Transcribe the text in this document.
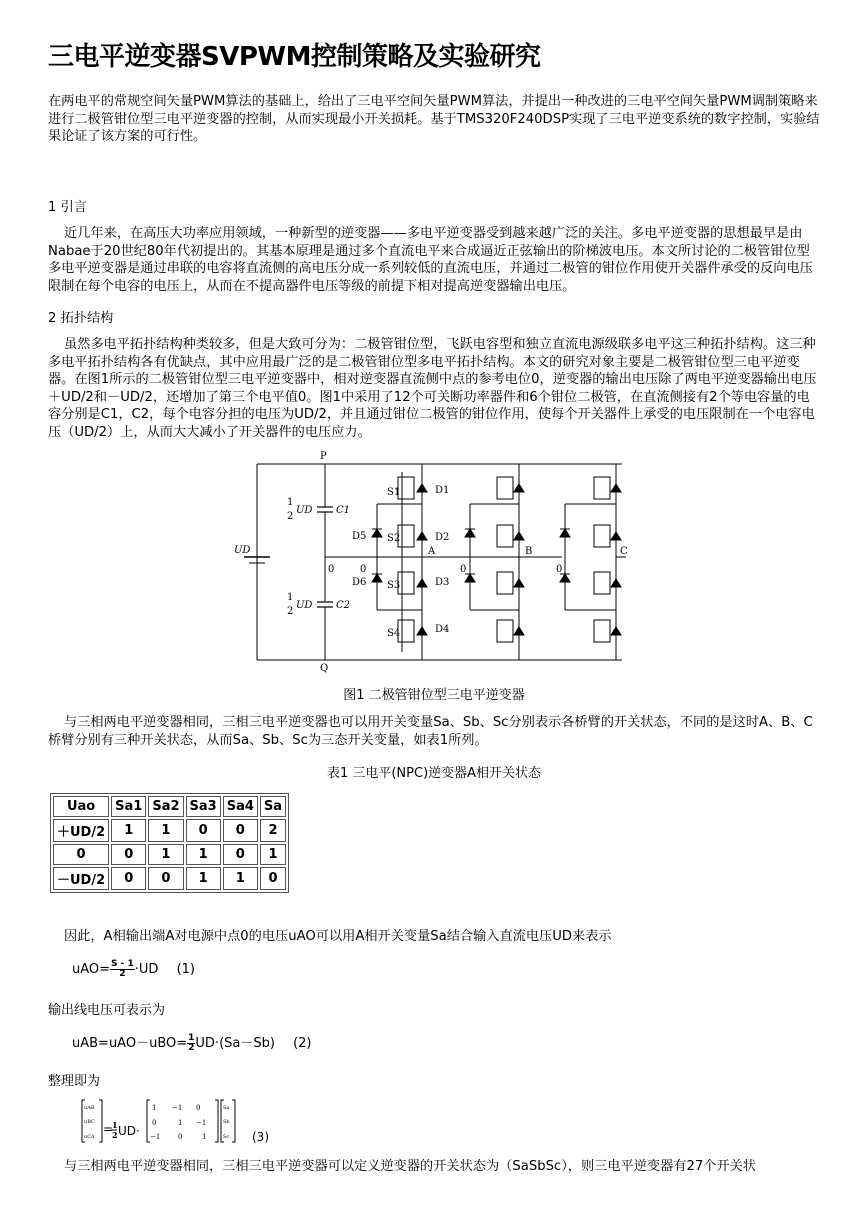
三电平逆变器SVPWM控制策略及实验研究

在两电平的常规空间矢量PWM算法的基础上，给出了三电平空间矢量PWM算法，并提出一种改进的三电平空间矢量PWM调制策略来进行二极管钳位型三电平逆变器的控制，从而实现最小开关损耗。基于TMS320F240DSP实现了三电平逆变系统的数字控制，实验结果论证了该方案的可行性。

1 引言

近几年来，在高压大功率应用领域，一种新型的逆变器——多电平逆变器受到越来越广泛的关注。多电平逆变器的思想最早是由Nabae于20世纪80年代初提出的。其基本原理是通过多个直流电平来合成逼近正弦输出的阶梯波电压。本文所讨论的二极管钳位型多电平逆变器是通过串联的电容将直流侧的高电压分成一系列较低的直流电压，并通过二极管的钳位作用使开关器件承受的反向电压限制在每个电容的电压上，从而在不提高器件电压等级的前提下相对提高逆变器输出电压。

2 拓扑结构

虽然多电平拓扑结构种类较多，但是大致可分为：二极管钳位型，飞跃电容型和独立直流电源级联多电平这三种拓扑结构。这三种多电平拓扑结构各有优缺点，其中应用最广泛的是二极管钳位型多电平拓扑结构。本文的研究对象主要是二极管钳位型三电平逆变器。在图1所示的二极管钳位型三电平逆变器中，相对逆变器直流侧中点的参考电位0，逆变器的输出电压除了两电平逆变器输出电压＋UD/2和－UD/2，还增加了第三个电平值0。图1中采用了12个可关断功率器件和6个钳位二极管，在直流侧接有2个等电容量的电容分别是C1，C2，每个电容分担的电压为UD/2，并且通过钳位二极管的钳位作用，使每个开关器件上承受的电压限制在一个电容电压（UD/2）上，从而大大减小了开关器件的电压应力。

P
Q
UD
1
2
UD
1
2
UD
C1
C2
0	0	0	0
S1
S2
S3
S4
D1
D2
D3
D4
D5
D6
A	B	C
图1 二极管钳位型三电平逆变器

与三相两电平逆变器相同，三相三电平逆变器也可以用开关变量Sa、Sb、Sc分别表示各桥臂的开关状态，不同的是这时A、B、C桥臂分别有三种开关状态，从而Sa、Sb、Sc为三态开关变量，如表1所列。

表1 三电平(NPC)逆变器A相开关状态
Uao	Sa1	Sa2	Sa3	Sa4	Sa
＋UD/2	1	1	0	0	2
0	0	1	1	0	1
－UD/2	0	0	1	1	0

因此，A相输出端A对电源中点0的电压uAO可以用A相开关变量Sa结合输入直流电压UD来表示

$uAO= \frac{S - 1}{2} \cdot UD$ (1)
输出线电压可表示为
$uAB=uAO-uBO= \frac{1}{2} UD\cdot(Sa-Sb)$ (2)
整理即为
uAB
uBC
uCA
=
1
2 UD·
1 −1 0
0	1 −1
−1	0	1
Sa
Sb
Sc (3)

与三相两电平逆变器相同，三相三电平逆变器可以定义逆变器的开关状态为（SaSbSc），则三电平逆变器有27个开关状
